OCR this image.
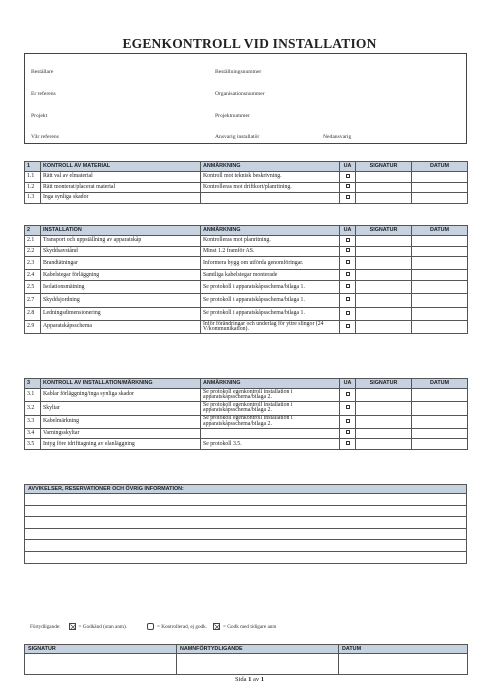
EGENKONTROLL VID INSTALLATION
Beställare	Beställningsnummer
Er referens	Organisationsnummer
Projekt	Projektnummer
Vår referens	Ansvarig installatör	Nedansvarig
1	KONTROLL AV MATERIAL	ANMÄRKNING	UA	SIGNATUR	DATUM
1.1	Rätt val av elmaterial	Kontroll mot teknisk beskrivning.			
1.2	Rätt monterat/placerat material	Kontrolleras mot driftkort/planritning.			
1.3	Inga synliga skador				
2	INSTALLATION	ANMÄRKNING	UA	SIGNATUR	DATUM
2.1	Transport och uppställning av apparatskåp	Kontrolleras mot planritning.			
2.2	Skyddsavstånd	Minst 1.2 framför AS.			
2.3	Brandtätningar	Informera bygg om utförda genomföringar.			
2.4	Kabelstegar förläggning	Samtliga kabelstegar monterade			
2.5	Isolationsmätning	Se protokoll i apparatskåpsschema/bilaga 1.			
2.7	Skyddsjordning	Se protokoll i apparatskåpsschema/bilaga 1.			
2.8	Ledningsdimensionering	Se protokoll i apparatskåpsschema/bilaga 1.			
2.9	Apparatskåpsschema	Inför förändringar och underlag för yttre slingor (24 V/kommunikation).			
3	KONTROLL AV INSTALLATION/MÄRKNING	ANMÄRKNING	UA	SIGNATUR	DATUM
3.1	Kablar förläggning/inga synliga skador	Se protokoll egenkontroll installation i apparatskåpsschema/bilaga 2.			
3.2	Skyltar	Se protokoll egenkontroll installation i apparatskåpsschema/bilaga 2.			
3.3	Kabelmärkning	Se protokoll egenkontroll installation i apparatskåpsschema/bilaga 2.			
3.4	Varningsskyltar				
3.5	Intyg före idrifttagning av elanläggning	Se protokoll 3.5.			
AVVIKELSER, RESERVATIONER OCH ÖVRIG INFORMATION:

Förtydligande:	= Godkänd (utan anm).	= Kontrollerad, ej godk. ☒ = Godk med tidigare anm
SIGNATUR	NAMNFÖRTYDLIGANDE	DATUM

Sida 1 av 1
